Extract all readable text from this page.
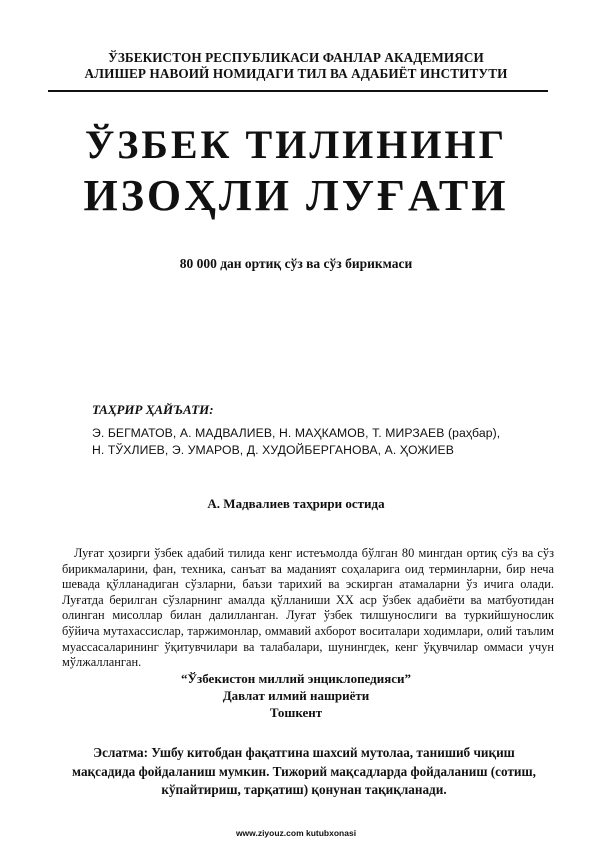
ЎЗБЕКИСТОН РЕСПУБЛИКАСИ ФАНЛАР АКАДЕМИЯСИ
АЛИШЕР НАВОИЙ НОМИДАГИ ТИЛ ВА АДАБИЁТ ИНСТИТУТИ
ЎЗБЕК ТИЛИНИНГ
ИЗОҲЛИ ЛУҒАТИ
80 000 дан ортиқ сўз ва сўз бирикмаси
ТАҲРИР ҲАЙЪАТИ:
Э. БЕГМАТОВ, А. МАДВАЛИЕВ, Н. МАҲКАМОВ, Т. МИРЗАЕВ (раҳбар),
Н. ТЎХЛИЕВ, Э. УМАРОВ, Д. ХУДОЙБЕРГАНОВА, А. ҲОЖИЕВ
А. Мадвалиев таҳрири остида
Луғат ҳозирги ўзбек адабий тилида кенг истеъмолда бўлган 80 мингдан ортиқ сўз ва сўз бирикмаларини, фан, техника, санъат ва маданият соҳаларига оид терминларни, бир неча шевада қўлланадиган сўзларни, баъзи тарихий ва эскирган атамаларни ўз ичига олади. Луғатда берилган сўзларнинг амалда қўлланиши XX аср ўзбек адабиёти ва матбуотидан олинган мисоллар билан далилланган. Луғат ўзбек тилшунослиги ва туркийшунослик бўйича мутахассислар, таржимонлар, оммавий ахборот воситалари ходимлари, олий таълим муассасаларининг ўқитувчилари ва талабалари, шунингдек, кенг ўқувчилар оммаси учун мўлжалланган.
“Ўзбекистон миллий энциклопедияси”
Давлат илмий нашриёти
Тошкент
Эслатма: Ушбу китобдан фақатгина шахсий мутолаа, танишиб чиқиш
мақсадида фойдаланиш мумкин. Тижорий мақсадларда фойдаланиш (сотиш,
кўпайтириш, тарқатиш) қонунан тақиқланади.
www.ziyouz.com kutubxonasi
